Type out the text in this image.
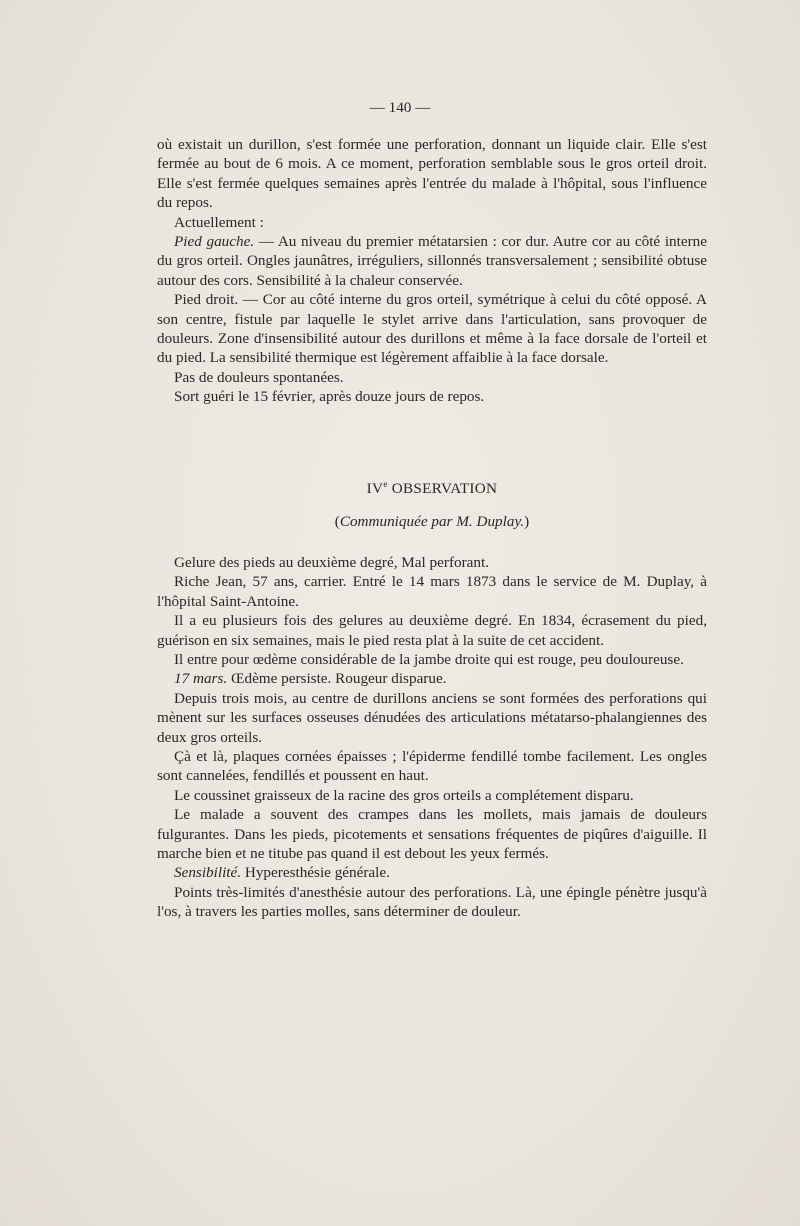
— 140 —

où existait un durillon, s'est formée une perforation, donnant un liquide clair. Elle s'est fermée au bout de 6 mois. A ce moment, perforation semblable sous le gros orteil droit. Elle s'est fermée quelques semaines après l'entrée du malade à l'hôpital, sous l'influence du repos.

Actuellement :

Pied gauche. — Au niveau du premier métatarsien : cor dur. Autre cor au côté interne du gros orteil. Ongles jaunâtres, irréguliers, sillonnés transversalement ; sensibilité obtuse autour des cors. Sensibilité à la chaleur conservée.

Pied droit. — Cor au côté interne du gros orteil, symétrique à celui du côté opposé. A son centre, fistule par laquelle le stylet arrive dans l'articulation, sans provoquer de douleurs. Zone d'insensibilité autour des durillons et même à la face dorsale de l'orteil et du pied. La sensibilité thermique est légèrement affaiblie à la face dorsale.

Pas de douleurs spontanées.

Sort guéri le 15 février, après douze jours de repos.

IVe OBSERVATION

(Communiquée par M. Duplay.)

Gelure des pieds au deuxième degré, Mal perforant.

Riche Jean, 57 ans, carrier. Entré le 14 mars 1873 dans le service de M. Duplay, à l'hôpital Saint-Antoine.

Il a eu plusieurs fois des gelures au deuxième degré. En 1834, écrasement du pied, guérison en six semaines, mais le pied resta plat à la suite de cet accident.

Il entre pour œdème considérable de la jambe droite qui est rouge, peu douloureuse.

17 mars. Œdème persiste. Rougeur disparue.

Depuis trois mois, au centre de durillons anciens se sont formées des perforations qui mènent sur les surfaces osseuses dénudées des articulations métatarso-phalangiennes des deux gros orteils.

Çà et là, plaques cornées épaisses ; l'épiderme fendillé tombe facilement. Les ongles sont cannelées, fendillés et poussent en haut.

Le coussinet graisseux de la racine des gros orteils a complétement disparu.

Le malade a souvent des crampes dans les mollets, mais jamais de douleurs fulgurantes. Dans les pieds, picotements et sensations fréquentes de piqûres d'aiguille. Il marche bien et ne titube pas quand il est debout les yeux fermés.

Sensibilité. Hyperesthésie générale.

Points très-limités d'anesthésie autour des perforations. Là, une épingle pénètre jusqu'à l'os, à travers les parties molles, sans déterminer de douleur.
